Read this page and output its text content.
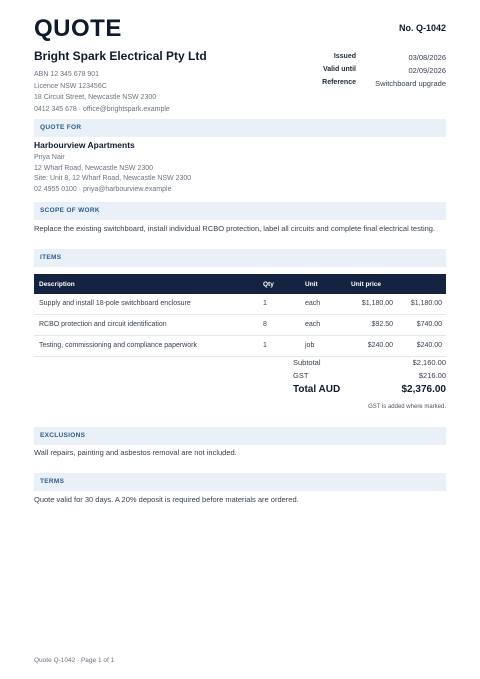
QUOTE	No. Q-1042
Bright Spark Electrical Pty Ltd
ABN 12 345 678 901
Licence NSW 123456C
18 Circuit Street, Newcastle NSW 2300
0412 345 678 · office@brightspark.example
Issued	03/08/2026
Valid until	02/09/2026
Reference	Switchboard upgrade
QUOTE FOR
Harbourview Apartments
Priya Nair
12 Wharf Road, Newcastle NSW 2300
Site: Unit 8, 12 Wharf Road, Newcastle NSW 2300
02 4955 0100 · priya@harbourview.example
SCOPE OF WORK
Replace the existing switchboard, install individual RCBO protection, label all circuits and complete final electrical testing.
ITEMS
Description	Qty	Unit	Unit price
Supply and install 18-pole switchboard enclosure	1	each	$1,180.00	$1,180.00
RCBO protection and circuit identification	8	each	$92.50	$740.00
Testing, commissioning and compliance paperwork	1	job	$240.00	$240.00
Subtotal	$2,160.00
GST	$216.00
Total AUD	$2,376.00
GST is added where marked.
EXCLUSIONS
Wall repairs, painting and asbestos removal are not included.
TERMS
Quote valid for 30 days. A 20% deposit is required before materials are ordered.
Quote Q-1042 · Page 1 of 1
